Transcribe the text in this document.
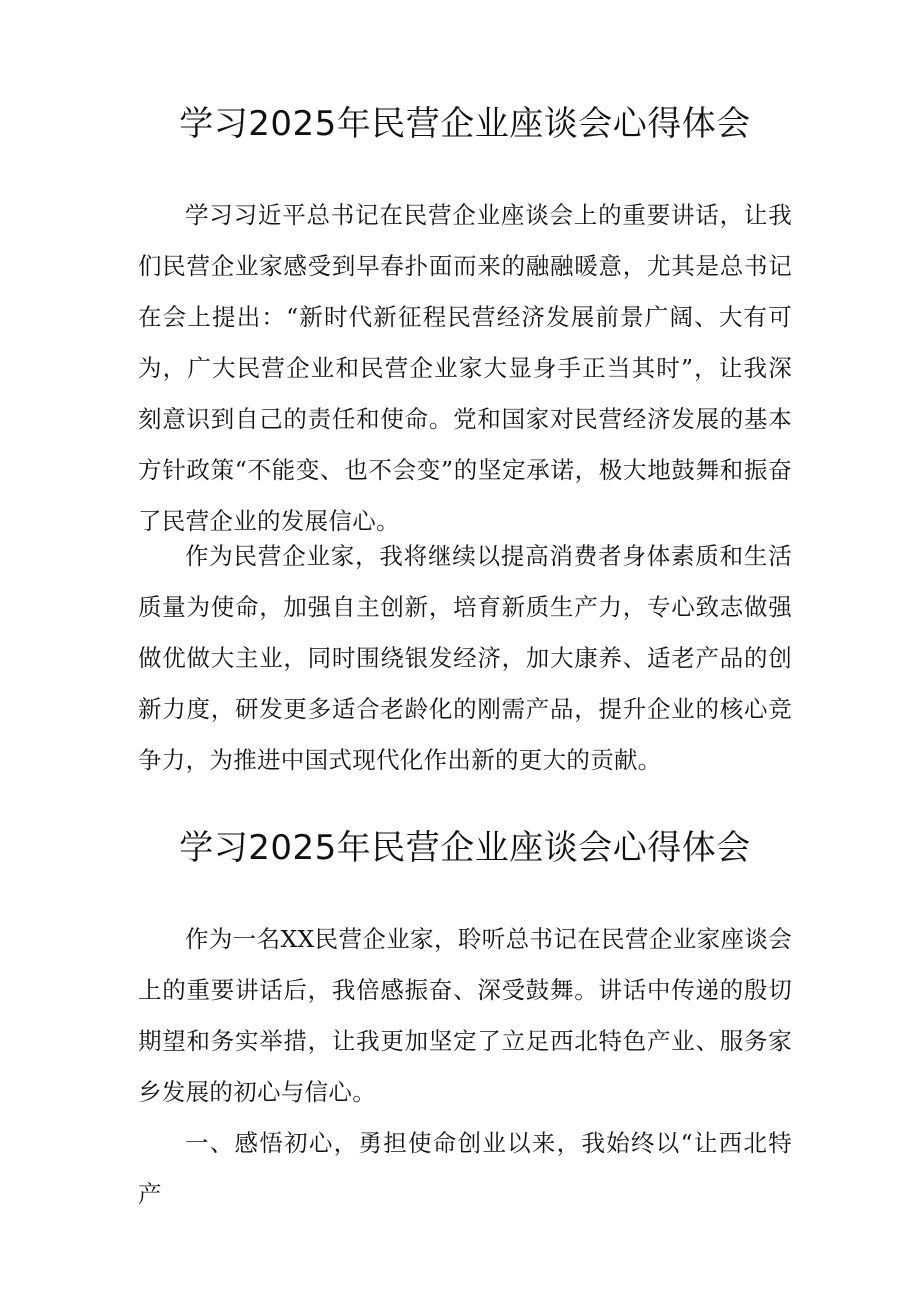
学习2025年民营企业座谈会心得体会

学习习近平总书记在民营企业座谈会上的重要讲话，让我们民营企业家感受到早春扑面而来的融融暖意，尤其是总书记在会上提出：“新时代新征程民营经济发展前景广阔、大有可为，广大民营企业和民营企业家大显身手正当其时”，让我深刻意识到自己的责任和使命。党和国家对民营经济发展的基本方针政策“不能变、也不会变”的坚定承诺，极大地鼓舞和振奋了民营企业的发展信心。

作为民营企业家，我将继续以提高消费者身体素质和生活质量为使命，加强自主创新，培育新质生产力，专心致志做强做优做大主业，同时围绕银发经济，加大康养、适老产品的创新力度，研发更多适合老龄化的刚需产品，提升企业的核心竞争力，为推进中国式现代化作出新的更大的贡献。

学习2025年民营企业座谈会心得体会

作为一名XX民营企业家，聆听总书记在民营企业家座谈会上的重要讲话后，我倍感振奋、深受鼓舞。讲话中传递的殷切期望和务实举措，让我更加坚定了立足西北特色产业、服务家乡发展的初心与信心。

一、感悟初心，勇担使命创业以来，我始终以“让西北特产
